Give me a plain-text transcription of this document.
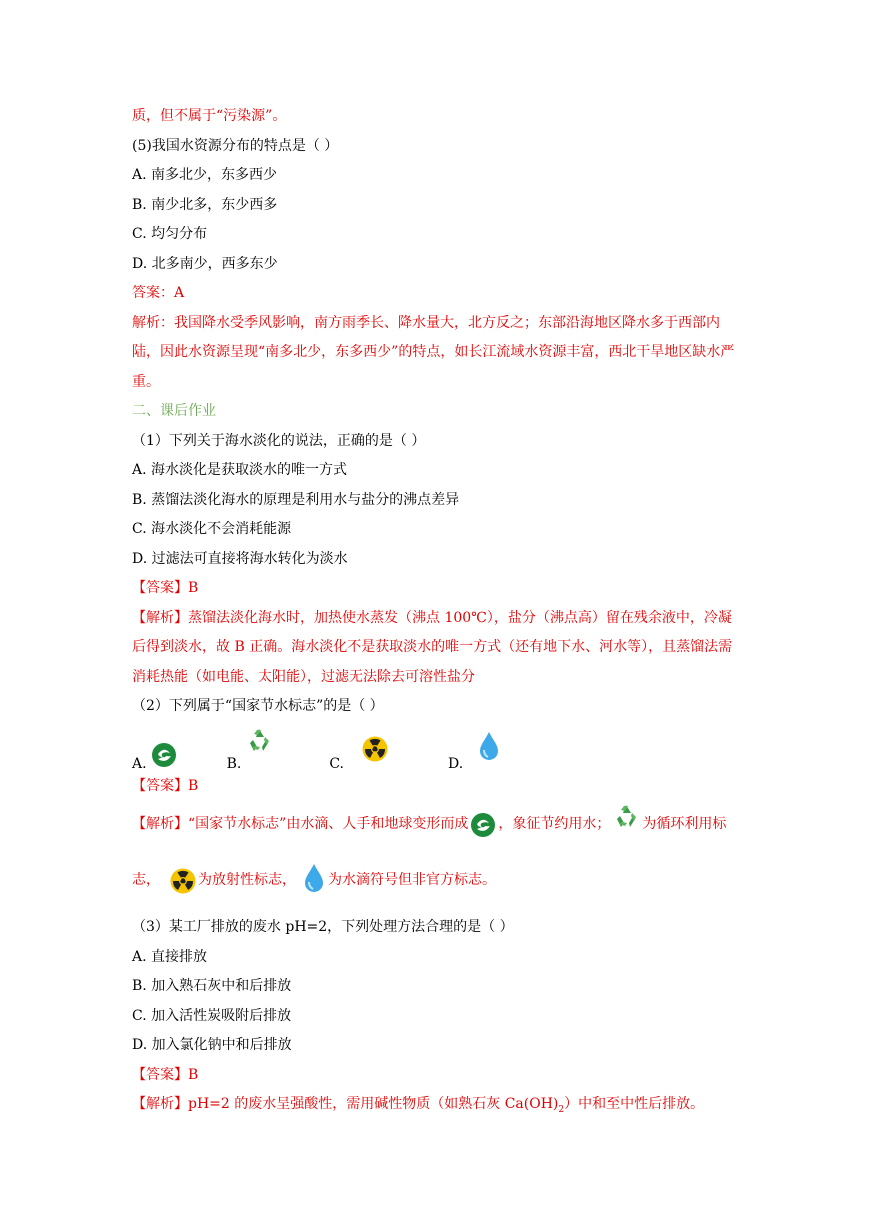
质，但不属于“污染源”。
(5)我国水资源分布的特点是（ ）
A. 南多北少，东多西少
B. 南少北多，东少西多
C. 均匀分布
D. 北多南少，西多东少
答案：A
解析：我国降水受季风影响，南方雨季长、降水量大，北方反之；东部沿海地区降水多于西部内陆，因此水资源呈现“南多北少，东多西少”的特点，如长江流域水资源丰富，西北干旱地区缺水严重。
二、课后作业
（1）下列关于海水淡化的说法，正确的是（ ）
A. 海水淡化是获取淡水的唯一方式
B. 蒸馏法淡化海水的原理是利用水与盐分的沸点差异
C. 海水淡化不会消耗能源
D. 过滤法可直接将海水转化为淡水
【答案】B
【解析】蒸馏法淡化海水时，加热使水蒸发（沸点 100℃），盐分（沸点高）留在残余液中，冷凝后得到淡水，故 B 正确。海水淡化不是获取淡水的唯一方式（还有地下水、河水等），且蒸馏法需消耗热能（如电能、太阳能），过滤无法除去可溶性盐分
（2）下列属于“国家节水标志”的是（ ）
A.	B.	C.	D.
【答案】B
【解析】“国家节水标志”由水滴、人手和地球变形而成 ，象征节约用水； 为循环利用标志，	为放射性标志， 为水滴符号但非官方标志。
（3）某工厂排放的废水 pH=2，下列处理方法合理的是（ ）
A. 直接排放
B. 加入熟石灰中和后排放
C. 加入活性炭吸附后排放
D. 加入氯化钠中和后排放
【答案】B
【解析】pH=2 的废水呈强酸性，需用碱性物质（如熟石灰 $Ca(OH)_2$）中和至中性后排放。
